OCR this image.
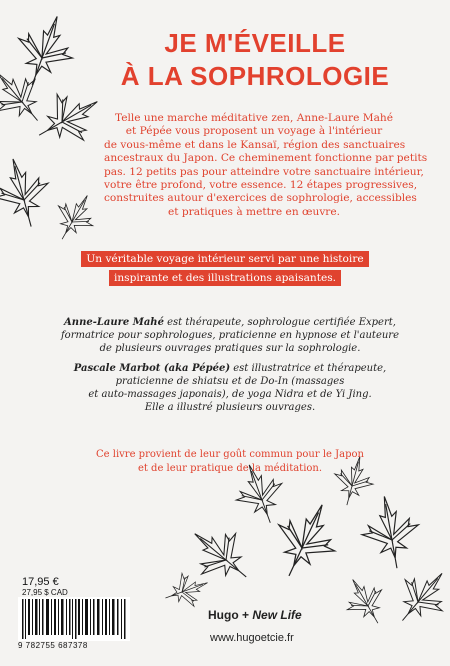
JE M'ÉVEILLE
À LA SOPHROLOGIE
Telle une marche méditative zen, Anne-Laure Mahé
et Pépée vous proposent un voyage à l'intérieur
de vous-même et dans le Kansaï, région des sanctuaires
ancestraux du Japon. Ce cheminement fonctionne par petits
pas. 12 petits pas pour atteindre votre sanctuaire intérieur,
votre être profond, votre essence. 12 étapes progressives,
construites autour d'exercices de sophrologie, accessibles
et pratiques à mettre en œuvre.
Un véritable voyage intérieur servi par une histoire
inspirante et des illustrations apaisantes.
Anne-Laure Mahé est thérapeute, sophrologue certifiée Expert,
formatrice pour sophrologues, praticienne en hypnose et l'auteure
de plusieurs ouvrages pratiques sur la sophrologie.
Pascale Marbot (aka Pépée) est illustratrice et thérapeute,
praticienne de shiatsu et de Do-In (massages
et auto-massages japonais), de yoga Nidra et de Yi Jing.
Elle a illustré plusieurs ouvrages.
Ce livre provient de leur goût commun pour le Japon
et de leur pratique de la méditation.
17,95 €
27,95 $ CAD
9 782755 687378
Hugo + New Life
www.hugoetcie.fr
